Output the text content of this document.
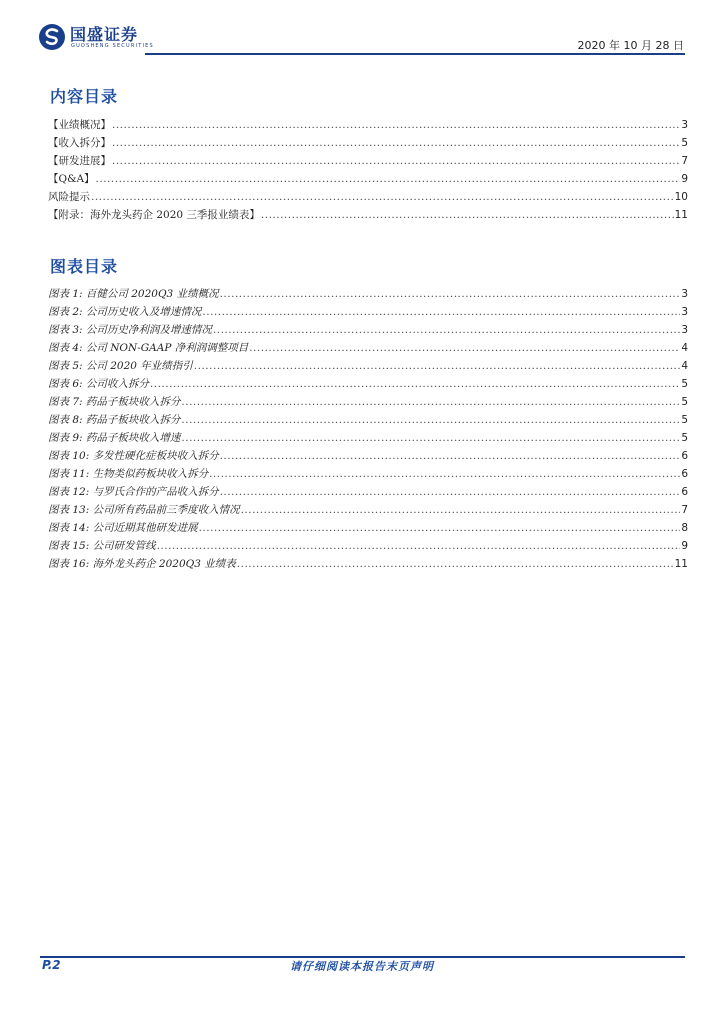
国盛证券
GUOSHENG SECURITIES	2020 年 10 月 28 日
内容目录
【业绩概况】 .....	3
【收入拆分】 .....	5
【研发进展】 .....	7
【Q&A】 .....	9
风险提示 .....	10
【附录：海外龙头药企 2020 三季报业绩表】 .....	11
图表目录
图表 1: 百健公司 2020Q3 业绩概况 .....	3
图表 2: 公司历史收入及增速情况 .....	3
图表 3: 公司历史净利润及增速情况 .....	3
图表 4: 公司 NON-GAAP 净利润调整项目 .....	4
图表 5: 公司 2020 年业绩指引 .....	4
图表 6: 公司收入拆分 .....	5
图表 7: 药品子板块收入拆分 .....	5
图表 8: 药品子板块收入拆分 .....	5
图表 9: 药品子板块收入增速 .....	5
图表 10: 多发性硬化症板块收入拆分 .....	6
图表 11: 生物类似药板块收入拆分 .....	6
图表 12: 与罗氏合作的产品收入拆分 .....	6
图表 13: 公司所有药品前三季度收入情况 .....	7
图表 14: 公司近期其他研发进展 .....	8
图表 15: 公司研发管线 .....	9
图表 16: 海外龙头药企 2020Q3 业绩表 .....	11
P.2	请仔细阅读本报告末页声明
